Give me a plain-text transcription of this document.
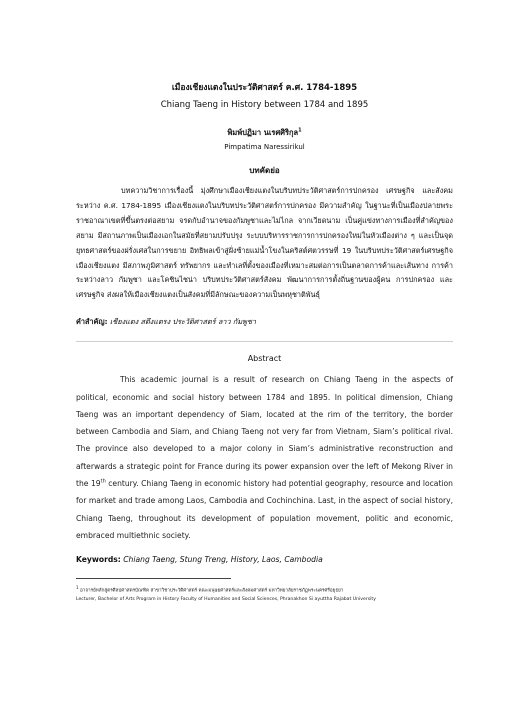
เมืองเชียงแตงในประวัติศาสตร์ ค.ศ. 1784-1895

Chiang Taeng in History between 1784 and 1895

พิมพ์ปฏิมา นเรศศิริกุล$^1$

Pimpatima Naressirikul

บทคัดย่อ

บทความวิชาการเรื่องนี้ มุ่งศึกษาเมืองเชียงแตงในบริบทประวัติศาสตร์การปกครอง เศรษฐกิจ และสังคม ระหว่าง ค.ศ. 1784-1895 เมืองเชียงแตงในบริบทประวัติศาสตร์การปกครอง มีความสำคัญ ในฐานะที่เป็นเมืองปลายพระราชอาณาเขตที่ขึ้นตรงต่อสยาม จรดกับอำนาจของกัมพูชาและไม่ไกล จากเวียดนาม เป็นคู่แข่งทางการเมืองที่สำคัญของสยาม มีสถานภาพเป็นเมืองเอกในสมัยที่สยามปรับปรุง ระบบบริหารราชการการปกครองใหม่ในหัวเมืองต่าง ๆ และเป็นจุดยุทธศาสตร์ของฝรั่งเศสในการขยาย อิทธิพลเข้าสู่ฝั่งซ้ายแม่น้ำโขงในคริสต์ศตวรรษที่ 19 ในบริบทประวัติศาสตร์เศรษฐกิจ เมืองเชียงแตง มีสภาพภูมิศาสตร์ ทรัพยากร และทำเลที่ตั้งของเมืองที่เหมาะสมต่อการเป็นตลาดการค้าและเส้นทาง การค้าระหว่างลาว กัมพูชา และโคชินไชน่า บริบทประวัติศาสตร์สังคม พัฒนาการการตั้งถิ่นฐานของผู้คน การปกครอง และเศรษฐกิจ ส่งผลให้เมืองเชียงแตงเป็นสังคมที่มีลักษณะของความเป็นพหุชาติพันธุ์

คำสำคัญ: เชียงแตง สตึงแตรง ประวัติศาสตร์ ลาว กัมพูชา

Abstract

This academic journal is a result of research on Chiang Taeng in the aspects of political, economic and social history between 1784 and 1895. In political dimension, Chiang Taeng was an important dependency of Siam, located at the rim of the territory, the border between Cambodia and Siam, and Chiang Taeng not very far from Vietnam, Siam’s political rival. The province also developed to a major colony in Siam’s administrative reconstruction and afterwards a strategic point for France during its power expansion over the left of Mekong River in the 19th century. Chiang Taeng in economic history had potential geography, resource and location for market and trade among Laos, Cambodia and Cochinchina. Last, in the aspect of social history, Chiang Taeng, throughout its development of population movement, politic and economic, embraced multiethnic society.

Keywords: Chiang Taeng, Stung Treng, History, Laos, Cambodia

$^1$ อาจารย์หลักสูตรศิลปศาสตรบัณฑิต สาขาวิชาประวัติศาสตร์ คณะมนุษยศาสตร์และสังคมศาสตร์ มหาวิทยาลัยราชภัฏพระนครศรีอยุธยา

Lecturer, Bachelor of Arts Program in History Faculty of Humanities and Social Sciences, Phranakhon Si ayuttha Rajabat University
